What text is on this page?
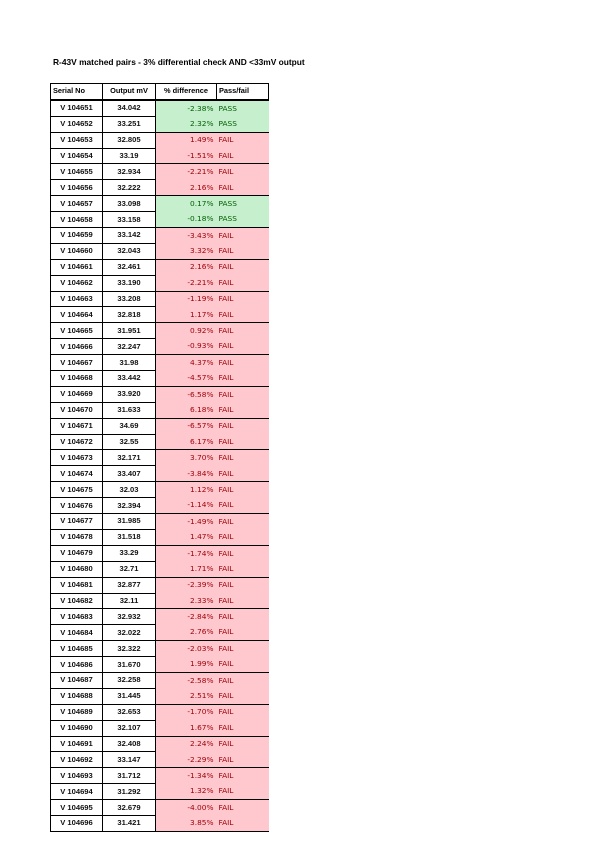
R-43V matched pairs - 3% differential check AND <33mV output
Serial No	Output mV	% difference	Pass/fail
V 104651	34.042	-2.38%	PASS
V 104652	33.251	2.32%	PASS
V 104653	32.805	1.49%	FAIL
V 104654	33.19	-1.51%	FAIL
V 104655	32.934	-2.21%	FAIL
V 104656	32.222	2.16%	FAIL
V 104657	33.098	0.17%	PASS
V 104658	33.158	-0.18%	PASS
V 104659	33.142	-3.43%	FAIL
V 104660	32.043	3.32%	FAIL
V 104661	32.461	2.16%	FAIL
V 104662	33.190	-2.21%	FAIL
V 104663	33.208	-1.19%	FAIL
V 104664	32.818	1.17%	FAIL
V 104665	31.951	0.92%	FAIL
V 104666	32.247	-0.93%	FAIL
V 104667	31.98	4.37%	FAIL
V 104668	33.442	-4.57%	FAIL
V 104669	33.920	-6.58%	FAIL
V 104670	31.633	6.18%	FAIL
V 104671	34.69	-6.57%	FAIL
V 104672	32.55	6.17%	FAIL
V 104673	32.171	3.70%	FAIL
V 104674	33.407	-3.84%	FAIL
V 104675	32.03	1.12%	FAIL
V 104676	32.394	-1.14%	FAIL
V 104677	31.985	-1.49%	FAIL
V 104678	31.518	1.47%	FAIL
V 104679	33.29	-1.74%	FAIL
V 104680	32.71	1.71%	FAIL
V 104681	32.877	-2.39%	FAIL
V 104682	32.11	2.33%	FAIL
V 104683	32.932	-2.84%	FAIL
V 104684	32.022	2.76%	FAIL
V 104685	32.322	-2.03%	FAIL
V 104686	31.670	1.99%	FAIL
V 104687	32.258	-2.58%	FAIL
V 104688	31.445	2.51%	FAIL
V 104689	32.653	-1.70%	FAIL
V 104690	32.107	1.67%	FAIL
V 104691	32.408	2.24%	FAIL
V 104692	33.147	-2.29%	FAIL
V 104693	31.712	-1.34%	FAIL
V 104694	31.292	1.32%	FAIL
V 104695	32.679	-4.00%	FAIL
V 104696	31.421	3.85%	FAIL
